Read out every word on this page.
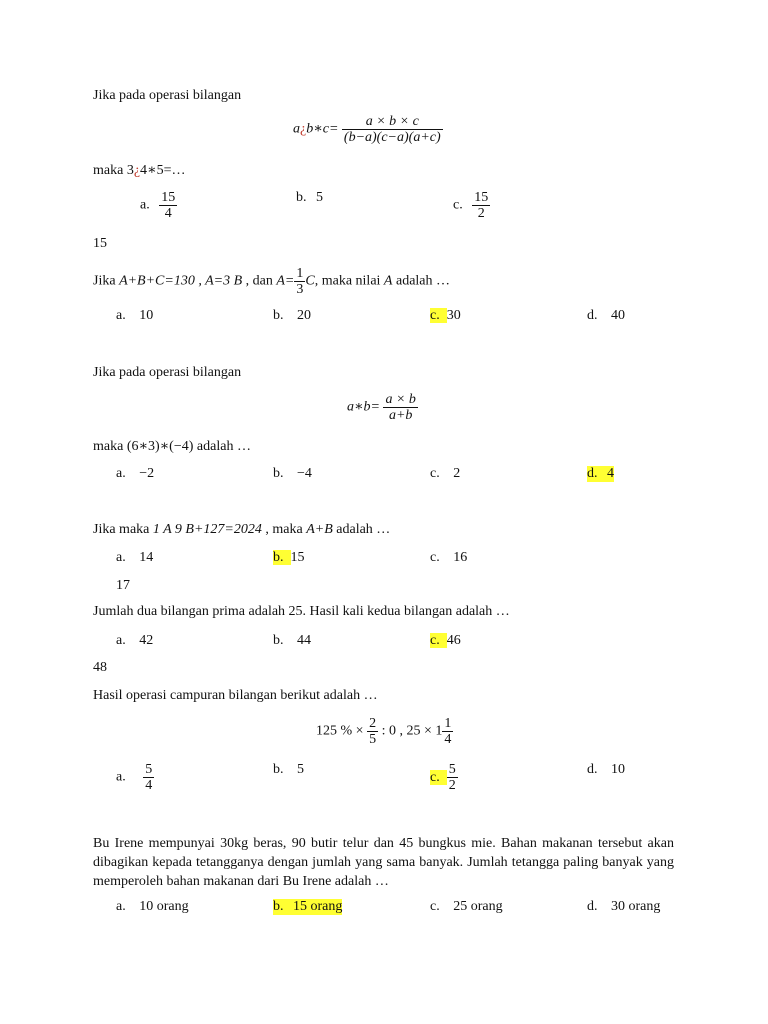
Jika pada operasi bilangan
a¿b∗c= $\frac{a \times b \times c}{(b-a)(c-a)(a+c)}$
maka 3¿4∗5=…
a. $\frac{15}{4}$	b. 5
c. $\frac{15}{2}$
15
Jika A+B+C=130 , A=3 B , dan $A= \frac{1}{3} C$, maka nilai A adalah …
a. 10	b. 20	c. 30	d. 40
Jika pada operasi bilangan
a∗b= $\frac{a \times b}{a+b}$
maka (6∗3)∗(−4) adalah …
a. −2	b. −4	c. 2	d. 4
Jika maka 1 A 9 B+127=2024 , maka A+B adalah …
a. 14	b. 15	c. 16
17
Jumlah dua bilangan prima adalah 25. Hasil kali kedua bilangan adalah …
a. 42	b. 44	c. 46
48
Hasil operasi campuran bilangan berikut adalah …
125 % × $\frac{2}{5}$ : 0 , $25 \times 1 \frac{1}{4}$
a. $\frac{5}{4}$	b. 5
c. $\frac{5}{2}$	d. 10
Bu Irene mempunyai 30kg beras, 90 butir telur dan 45 bungkus mie. Bahan makanan tersebut akan dibagikan kepada tetangganya dengan jumlah yang sama banyak. Jumlah tetangga paling banyak yang memperoleh bahan makanan dari Bu Irene adalah …
a. 10 orang	b. 15 orang	c. 25 orang	d. 30 orang
